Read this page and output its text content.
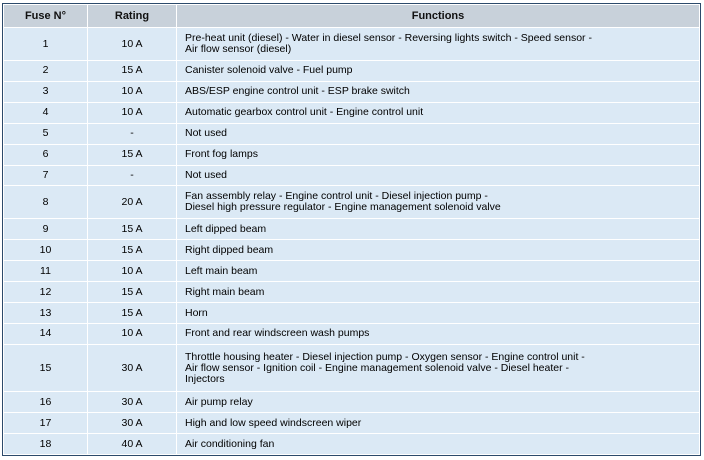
Fuse N°	Rating	Functions
1	10 A	Pre-heat unit (diesel) - Water in diesel sensor - Reversing lights switch - Speed sensor -
Air flow sensor (diesel)

2	15 A	Canister solenoid valve - Fuel pump

3	10 A	ABS/ESP engine control unit - ESP brake switch

4	10 A	Automatic gearbox control unit - Engine control unit

5	-	Not used

6	15 A	Front fog lamps

7	-	Not used

8	20 A	Fan assembly relay - Engine control unit - Diesel injection pump -
Diesel high pressure regulator - Engine management solenoid valve

9	15 A	Left dipped beam

10	15 A	Right dipped beam

11	10 A	Left main beam

12	15 A	Right main beam

13	15 A	Horn

14	10 A	Front and rear windscreen wash pumps

15	30 A	Throttle housing heater - Diesel injection pump - Oxygen sensor - Engine control unit -
Air flow sensor - Ignition coil - Engine management solenoid valve - Diesel heater -
Injectors

16	30 A	Air pump relay

17	30 A	High and low speed windscreen wiper

18	40 A	Air conditioning fan
